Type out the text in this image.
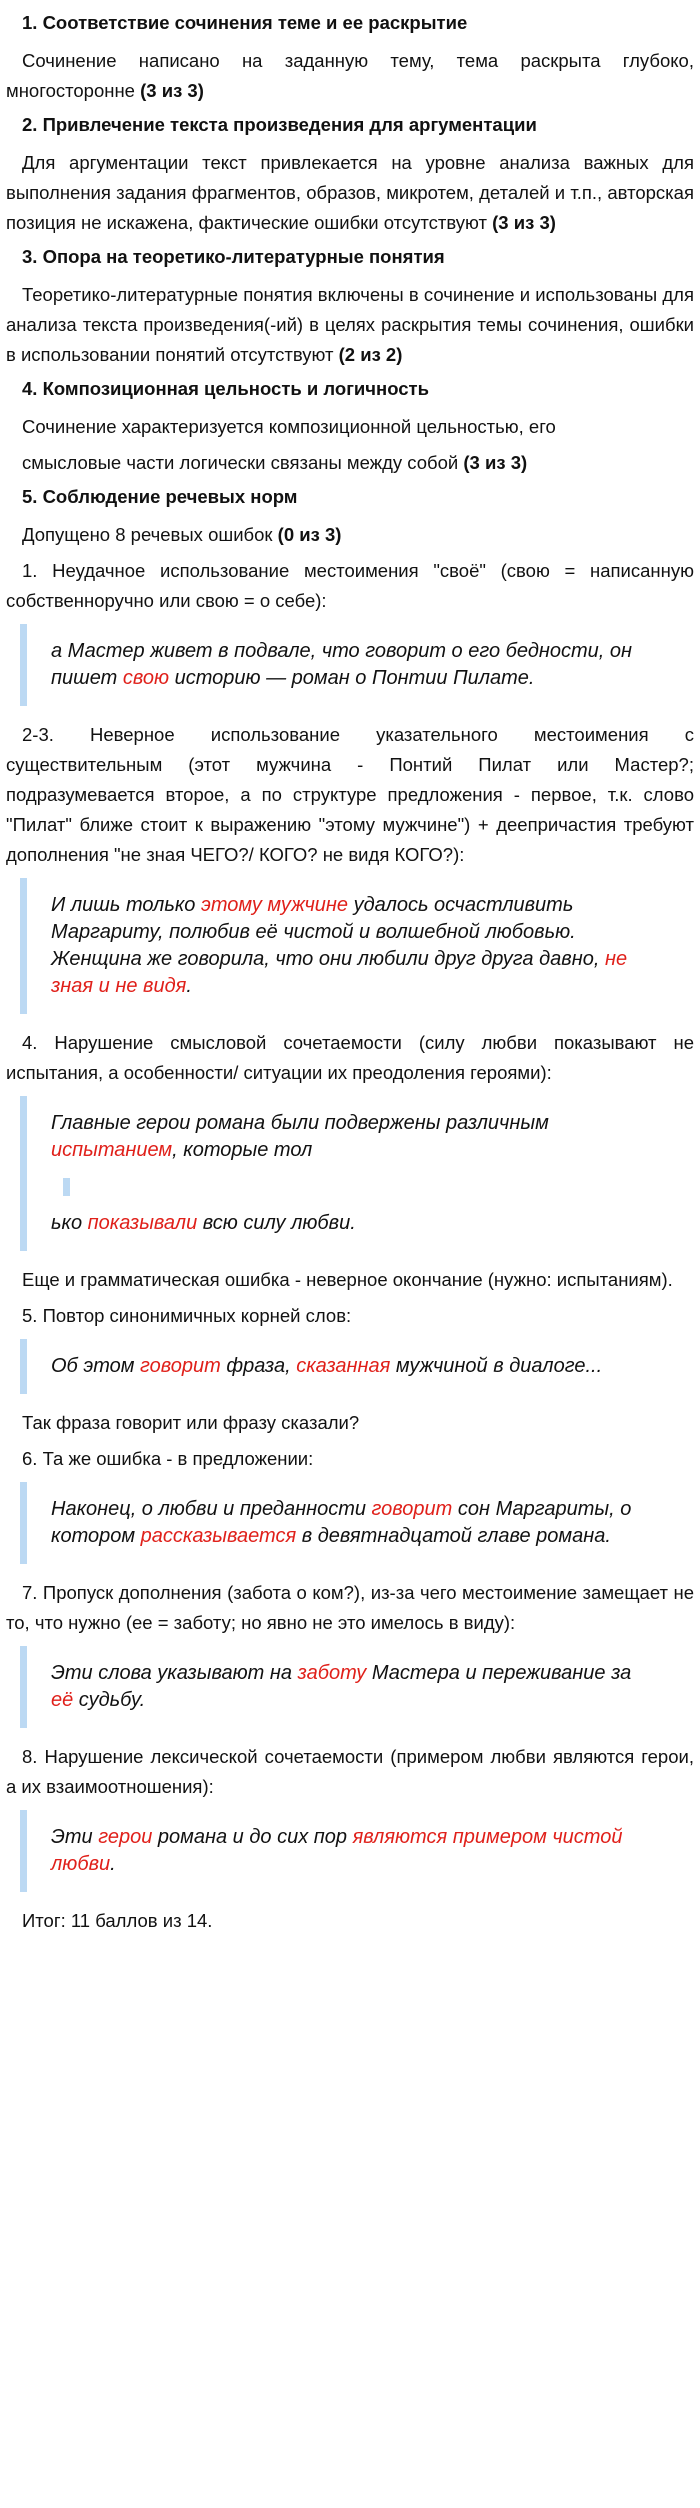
1. Соответствие сочинения теме и ее раскрытие

Сочинение написано на заданную тему, тема раскрыта глубоко, многосторонне (3 из 3)

2. Привлечение текста произведения для аргументации

Для аргументации текст привлекается на уровне анализа важных для выполнения задания фрагментов, образов, микротем, деталей и т.п., авторская позиция не искажена, фактические ошибки отсутствуют (3 из 3)

3. Опора на теоретико-литературные понятия

Теоретико-литературные понятия включены в сочинение и использованы для анализа текста произведения(-ий) в целях раскрытия темы сочинения, ошибки в использовании понятий отсутствуют (2 из 2)

4. Композиционная цельность и логичность

Сочинение характеризуется композиционной цельностью, его

смысловые части логически связаны между собой (3 из 3)

5. Соблюдение речевых норм

Допущено 8 речевых ошибок (0 из 3)

1. Неудачное использование местоимения "своё" (свою = написанную собственноручно или свою = о себе):

а Мастер живет в подвале, что говорит о его бедности, он пишет свою историю — роман о Понтии Пилате.

2-3. Неверное использование указательного местоимения с существительным (этот мужчина - Понтий Пилат или Мастер?; подразумевается второе, а по структуре предложения - первое, т.к. слово "Пилат" ближе стоит к выражению "этому мужчине") + деепричастия требуют дополнения "не зная ЧЕГО?/ КОГО? не видя КОГО?):

И лишь только этому мужчине удалось осчастливить Маргариту, полюбив её чистой и волшебной любовью. Женщина же говорила, что они любили друг друга давно, не зная и не видя.

4. Нарушение смысловой сочетаемости (силу любви показывают не испытания, а особенности/ ситуации их преодоления героями):

Главные герои романа были подвержены различным испытанием, которые тол
ько показывали всю силу любви.

Еще и грамматическая ошибка - неверное окончание (нужно: испытаниям).

5. Повтор синонимичных корней слов:

Об этом говорит фраза, сказанная мужчиной в диалоге...

Так фраза говорит или фразу сказали?

6. Та же ошибка - в предложении:

Наконец, о любви и преданности говорит сон Маргариты, о котором рассказывается в девятнадцатой главе романа.

7. Пропуск дополнения (забота о ком?), из-за чего местоимение замещает не то, что нужно (ее = заботу; но явно не это имелось в виду):

Эти слова указывают на заботу Мастера и переживание за её судьбу.

8. Нарушение лексической сочетаемости (примером любви являются герои, а их взаимоотношения):

Эти герои романа и до сих пор являются примером чистой любви.

Итог: 11 баллов из 14.
